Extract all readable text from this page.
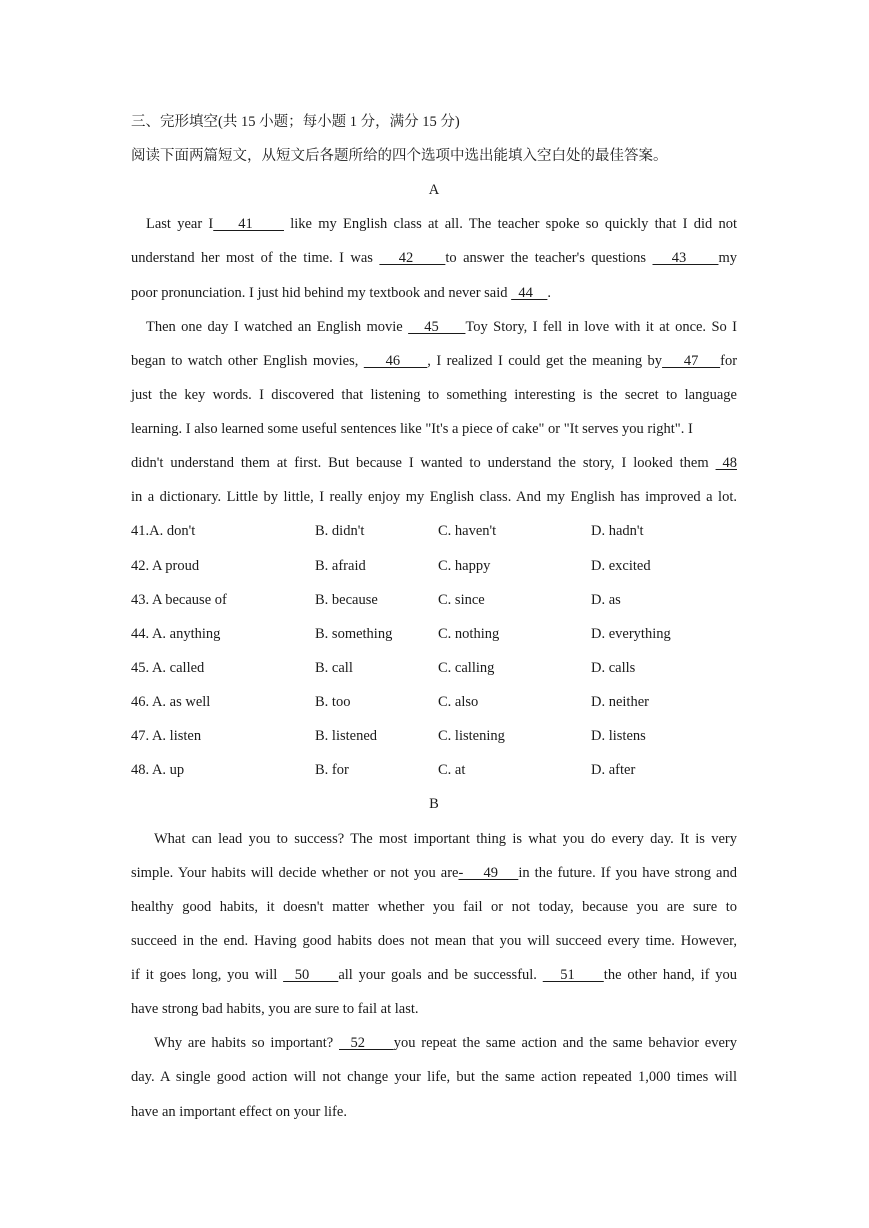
三、完形填空(共 15 小题；每小题 1 分，满分 15 分)
阅读下面两篇短文，从短文后各题所给的四个选项中选出能填入空白处的最佳答案。
A
Last year I    41      like my English class at all. The teacher spoke so quickly that I did not
understand her most of the time. I was    42     to answer the teacher's questions    43     my
poor pronunciation. I just hid behind my textbook and never said   44    .
Then one day I watched an English movie    45     Toy Story, I fell in love with it at once. So I
began to watch other English movies,     46     , I realized I could get the meaning by    47    for
just the key words. I discovered that listening to something interesting is the secret to language
learning. I also learned some useful sentences like "It's a piece of cake" or "It serves you right". I
didn't understand them at first. But because I wanted to understand the story, I looked them  48
in a dictionary. Little by little, I really enjoy my English class. And my English has improved a lot.
41.A. don't	B. didn't	C. haven't	D. hadn't
42. A proud	B. afraid	C. happy	D. excited
43. A because of	B. because	C. since	D. as
44. A. anything	B. something	C. nothing	D. everything
45. A. called	B. call	C. calling	D. calls
46. A. as well	B. too	C. also	D. neither
47. A. listen	B. listened	C. listening	D. listens
48. A. up	B. for	C. at	D. after
B
What can lead you to success? The most important thing is what you do every day. It is very
simple. Your habits will decide whether or not you are-    49    in the future. If you have strong and
healthy good habits, it doesn't matter whether you fail or not today, because you are sure to
succeed in the end. Having good habits does not mean that you will succeed every time. However,
if it goes long, you will   50     all your goals and be successful.    51     the other hand, if you
have strong bad habits, you are sure to fail at last.
Why are habits so important?   52     you repeat the same action and the same behavior every
day. A single good action will not change your life, but the same action repeated 1,000 times will
have an important effect on your life.
